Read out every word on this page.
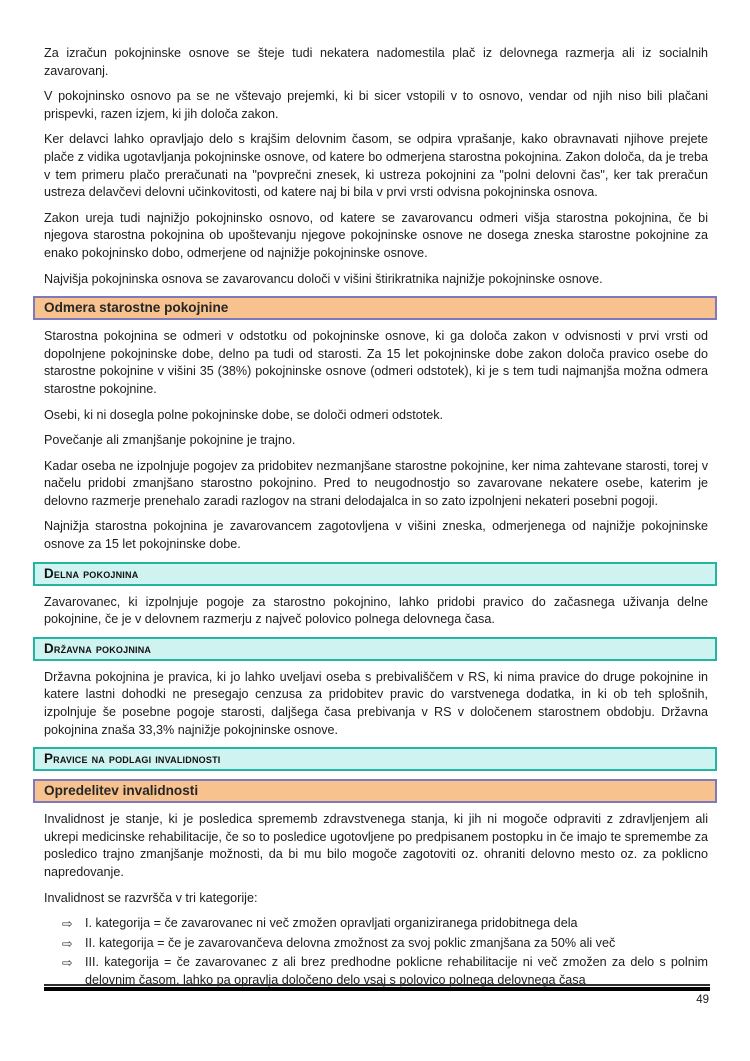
Za izračun pokojninske osnove se šteje tudi nekatera nadomestila plač iz delovnega razmerja ali iz socialnih zavarovanj.

V pokojninsko osnovo pa se ne vštevajo prejemki, ki bi sicer vstopili v to osnovo, vendar od njih niso bili plačani prispevki, razen izjem, ki jih določa zakon.

Ker delavci lahko opravljajo delo s krajšim delovnim časom, se odpira vprašanje, kako obravnavati njihove prejete plače z vidika ugotavljanja pokojninske osnove, od katere bo odmerjena starostna pokojnina. Zakon določa, da je treba v tem primeru plačo preračunati na "povprečni znesek, ki ustreza pokojnini za "polni delovni čas", ker tak preračun ustreza delavčevi delovni učinkovitosti, od katere naj bi bila v prvi vrsti odvisna pokojninska osnova.

Zakon ureja tudi najnižjo pokojninsko osnovo, od katere se zavarovancu odmeri višja starostna pokojnina, če bi njegova starostna pokojnina ob upoštevanju njegove pokojninske osnove ne dosega zneska starostne pokojnine za enako pokojninsko dobo, odmerjene od najnižje pokojninske osnove.

Najvišja pokojninska osnova se zavarovancu določi v višini štirikratnika najnižje pokojninske osnove.

Odmera starostne pokojnine

Starostna pokojnina se odmeri v odstotku od pokojninske osnove, ki ga določa zakon v odvisnosti v prvi vrsti od dopolnjene pokojninske dobe, delno pa tudi od starosti. Za 15 let pokojninske dobe zakon določa pravico osebe do starostne pokojnine v višini 35 (38%) pokojninske osnove (odmeri odstotek), ki je s tem tudi najmanjša možna odmera starostne pokojnine.

Osebi, ki ni dosegla polne pokojninske dobe, se določi odmeri odstotek.

Povečanje ali zmanjšanje pokojnine je trajno.

Kadar oseba ne izpolnjuje pogojev za pridobitev nezmanjšane starostne pokojnine, ker nima zahtevane starosti, torej v načelu pridobi zmanjšano starostno pokojnino. Pred to neugodnostjo so zavarovane nekatere osebe, katerim je delovno razmerje prenehalo zaradi razlogov na strani delodajalca in so zato izpolnjeni nekateri posebni pogoji.

Najnižja starostna pokojnina je zavarovancem zagotovljena v višini zneska, odmerjenega od najnižje pokojninske osnove za 15 let pokojninske dobe.

Delna pokojnina

Zavarovanec, ki izpolnjuje pogoje za starostno pokojnino, lahko pridobi pravico do začasnega uživanja delne pokojnine, če je v delovnem razmerju z največ polovico polnega delovnega časa.

Državna pokojnina

Državna pokojnina je pravica, ki jo lahko uveljavi oseba s prebivališčem v RS, ki nima pravice do druge pokojnine in katere lastni dohodki ne presegajo cenzusa za pridobitev pravic do varstvenega dodatka, in ki ob teh splošnih, izpolnjuje še posebne pogoje starosti, daljšega časa prebivanja v RS v določenem starostnem obdobju. Državna pokojnina znaša 33,3% najnižje pokojninske osnove.

Pravice na podlagi invalidnosti
Opredelitev invalidnosti

Invalidnost je stanje, ki je posledica sprememb zdravstvenega stanja, ki jih ni mogoče odpraviti z zdravljenjem ali ukrepi medicinske rehabilitacije, če so to posledice ugotovljene po predpisanem postopku in če imajo te spremembe za posledico trajno zmanjšanje možnosti, da bi mu bilo mogoče zagotoviti oz. ohraniti delovno mesto oz. za poklicno napredovanje.

Invalidnost se razvršča v tri kategorije:

⇨ I. kategorija = če zavarovanec ni več zmožen opravljati organiziranega pridobitnega dela
⇨ II. kategorija = če je zavarovančeva delovna zmožnost za svoj poklic zmanjšana za 50% ali več
⇨ III. kategorija = če zavarovanec z ali brez predhodne poklicne rehabilitacije ni več zmožen za delo s polnim delovnim časom, lahko pa opravlja določeno delo vsaj s polovico polnega delovnega časa
49
